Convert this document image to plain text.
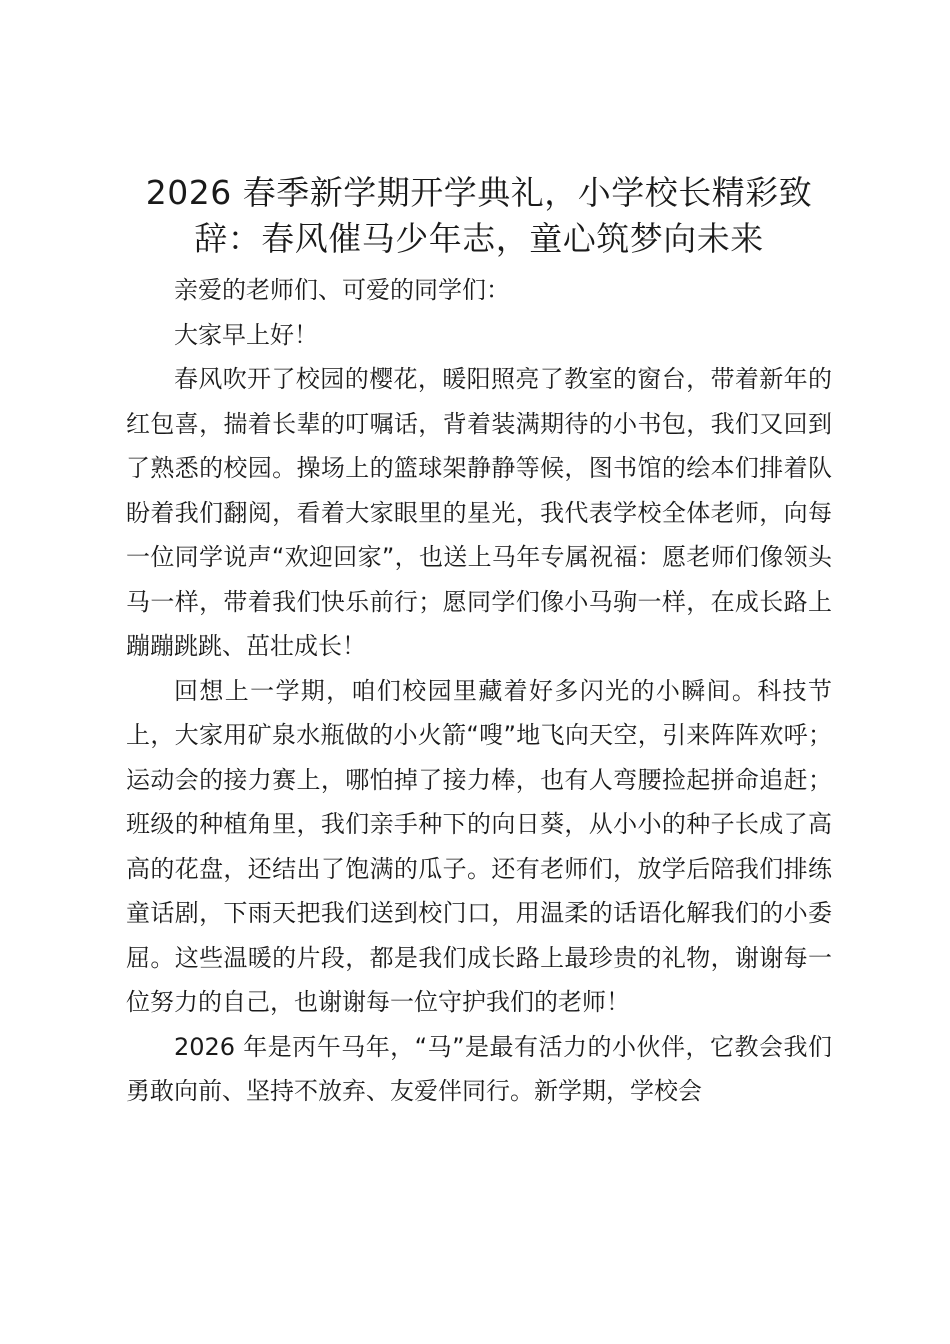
2026 春季新学期开学典礼，小学校长精彩致辞：春风催马少年志，童心筑梦向未来

亲爱的老师们、可爱的同学们：

大家早上好！

春风吹开了校园的樱花，暖阳照亮了教室的窗台，带着新年的红包喜，揣着长辈的叮嘱话，背着装满期待的小书包，我们又回到了熟悉的校园。操场上的篮球架静静等候，图书馆的绘本们排着队盼着我们翻阅，看着大家眼里的星光，我代表学校全体老师，向每一位同学说声“欢迎回家”，也送上马年专属祝福：愿老师们像领头马一样，带着我们快乐前行；愿同学们像小马驹一样，在成长路上蹦蹦跳跳、茁壮成长！

回想上一学期，咱们校园里藏着好多闪光的小瞬间。科技节上，大家用矿泉水瓶做的小火箭“嗖”地飞向天空，引来阵阵欢呼；运动会的接力赛上，哪怕掉了接力棒，也有人弯腰捡起拼命追赶；班级的种植角里，我们亲手种下的向日葵，从小小的种子长成了高高的花盘，还结出了饱满的瓜子。还有老师们，放学后陪我们排练童话剧，下雨天把我们送到校门口，用温柔的话语化解我们的小委屈。这些温暖的片段，都是我们成长路上最珍贵的礼物，谢谢每一位努力的自己，也谢谢每一位守护我们的老师！

2026 年是丙午马年，“马”是最有活力的小伙伴，它教会我们勇敢向前、坚持不放弃、友爱伴同行。新学期，学校会
